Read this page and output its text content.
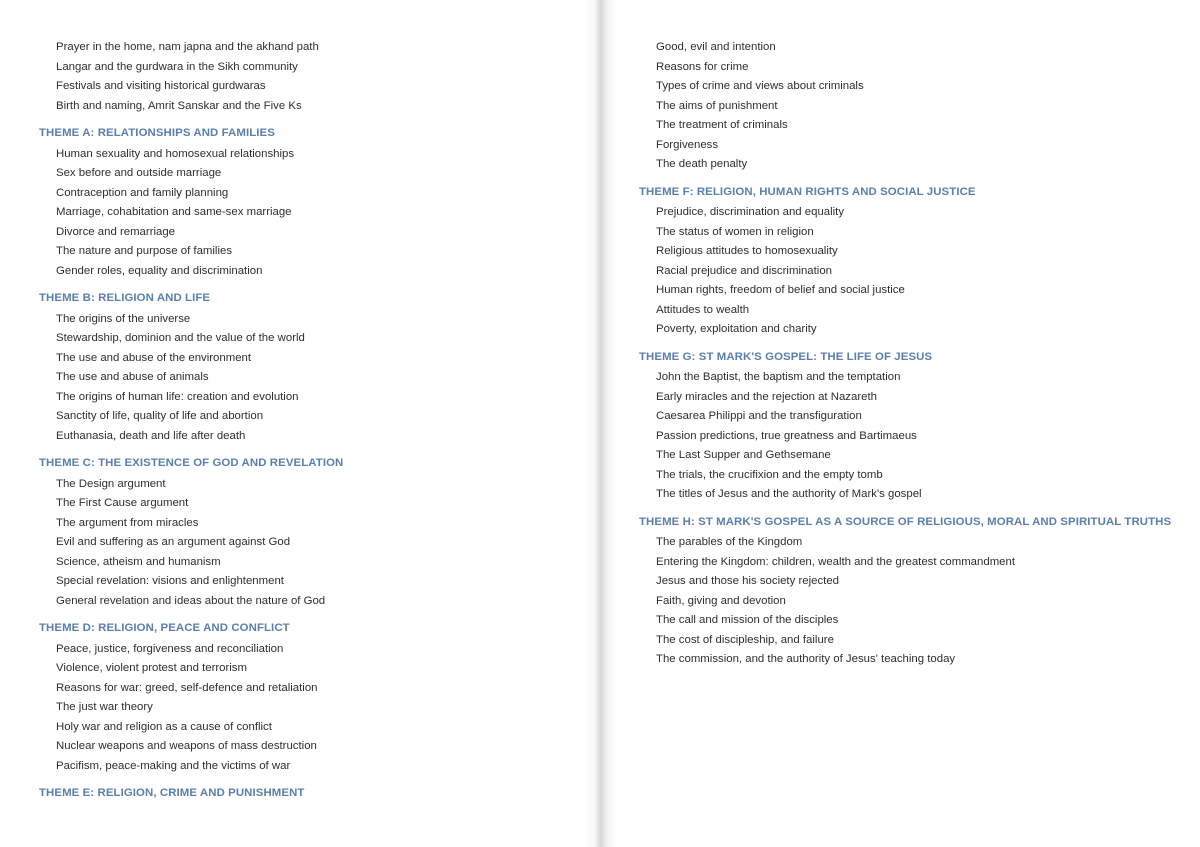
Prayer in the home, nam japna and the akhand path
Langar and the gurdwara in the Sikh community
Festivals and visiting historical gurdwaras
Birth and naming, Amrit Sanskar and the Five Ks
THEME A: RELATIONSHIPS AND FAMILIES
Human sexuality and homosexual relationships
Sex before and outside marriage
Contraception and family planning
Marriage, cohabitation and same-sex marriage
Divorce and remarriage
The nature and purpose of families
Gender roles, equality and discrimination
THEME B: RELIGION AND LIFE
The origins of the universe
Stewardship, dominion and the value of the world
The use and abuse of the environment
The use and abuse of animals
The origins of human life: creation and evolution
Sanctity of life, quality of life and abortion
Euthanasia, death and life after death
THEME C: THE EXISTENCE OF GOD AND REVELATION
The Design argument
The First Cause argument
The argument from miracles
Evil and suffering as an argument against God
Science, atheism and humanism
Special revelation: visions and enlightenment
General revelation and ideas about the nature of God
THEME D: RELIGION, PEACE AND CONFLICT
Peace, justice, forgiveness and reconciliation
Violence, violent protest and terrorism
Reasons for war: greed, self-defence and retaliation
The just war theory
Holy war and religion as a cause of conflict
Nuclear weapons and weapons of mass destruction
Pacifism, peace-making and the victims of war
THEME E: RELIGION, CRIME AND PUNISHMENT
Good, evil and intention
Reasons for crime
Types of crime and views about criminals
The aims of punishment
The treatment of criminals
Forgiveness
The death penalty
THEME F: RELIGION, HUMAN RIGHTS AND SOCIAL JUSTICE
Prejudice, discrimination and equality
The status of women in religion
Religious attitudes to homosexuality
Racial prejudice and discrimination
Human rights, freedom of belief and social justice
Attitudes to wealth
Poverty, exploitation and charity
THEME G: ST MARK'S GOSPEL: THE LIFE OF JESUS
John the Baptist, the baptism and the temptation
Early miracles and the rejection at Nazareth
Caesarea Philippi and the transfiguration
Passion predictions, true greatness and Bartimaeus
The Last Supper and Gethsemane
The trials, the crucifixion and the empty tomb
The titles of Jesus and the authority of Mark's gospel
THEME H: ST MARK'S GOSPEL AS A SOURCE OF RELIGIOUS, MORAL AND SPIRITUAL TRUTHS
The parables of the Kingdom
Entering the Kingdom: children, wealth and the greatest commandment
Jesus and those his society rejected
Faith, giving and devotion
The call and mission of the disciples
The cost of discipleship, and failure
The commission, and the authority of Jesus' teaching today
